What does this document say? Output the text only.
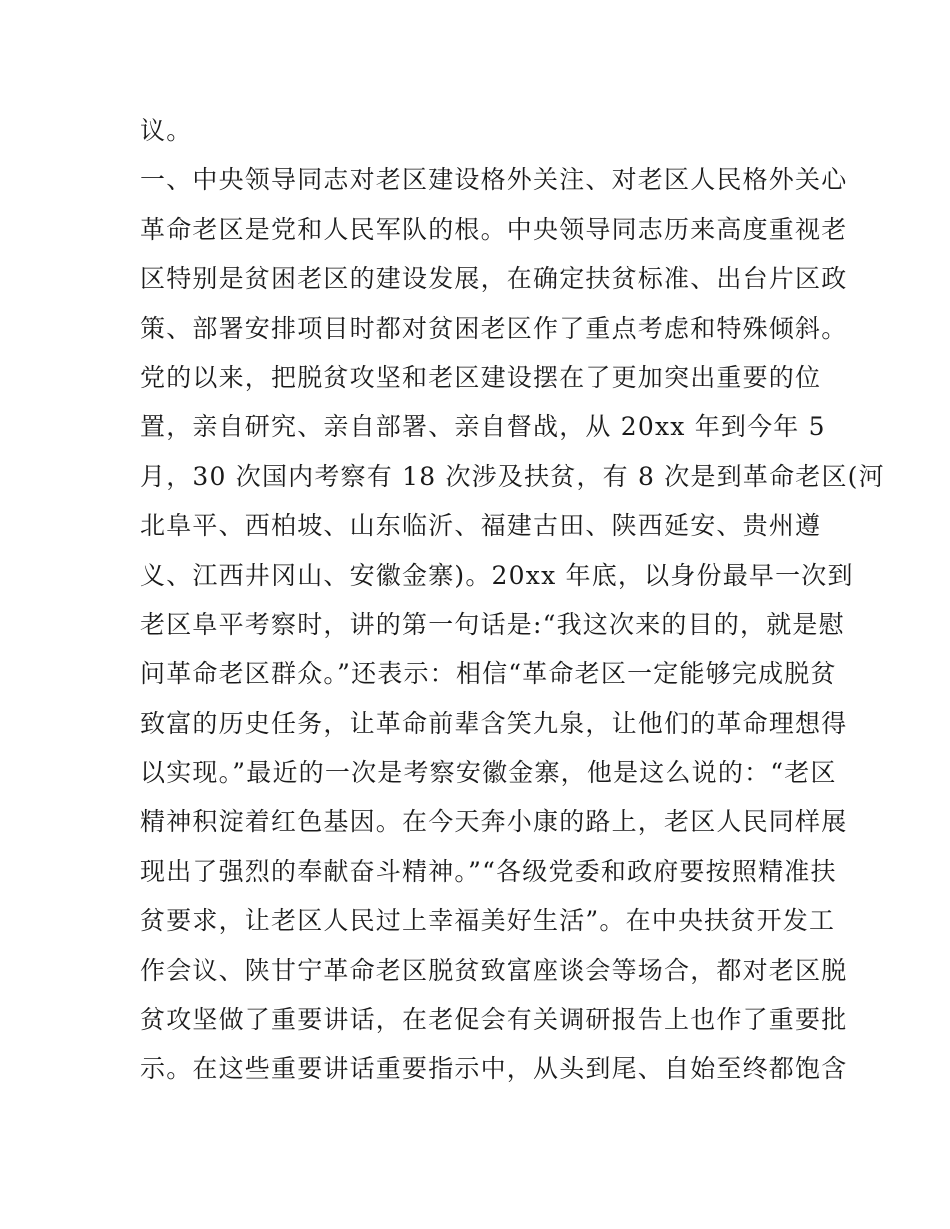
议。
一、中央领导同志对老区建设格外关注、对老区人民格外关心
革命老区是党和人民军队的根。中央领导同志历来高度重视老
区特别是贫困老区的建设发展，在确定扶贫标准、出台片区政
策、部署安排项目时都对贫困老区作了重点考虑和特殊倾斜。
党的以来，把脱贫攻坚和老区建设摆在了更加突出重要的位
置，亲自研究、亲自部署、亲自督战，从 20xx 年到今年 5
月，30 次国内考察有 18 次涉及扶贫，有 8 次是到革命老区(河
北阜平、西柏坡、山东临沂、福建古田、陕西延安、贵州遵
义、江西井冈山、安徽金寨)。20xx 年底，以身份最早一次到
老区阜平考察时，讲的第一句话是:“我这次来的目的，就是慰
问革命老区群众。”还表示：相信“革命老区一定能够完成脱贫
致富的历史任务，让革命前辈含笑九泉，让他们的革命理想得
以实现。”最近的一次是考察安徽金寨，他是这么说的：“老区
精神积淀着红色基因。在今天奔小康的路上，老区人民同样展
现出了强烈的奉献奋斗精神。”“各级党委和政府要按照精准扶
贫要求，让老区人民过上幸福美好生活”。在中央扶贫开发工
作会议、陕甘宁革命老区脱贫致富座谈会等场合，都对老区脱
贫攻坚做了重要讲话，在老促会有关调研报告上也作了重要批
示。在这些重要讲话重要指示中，从头到尾、自始至终都饱含
